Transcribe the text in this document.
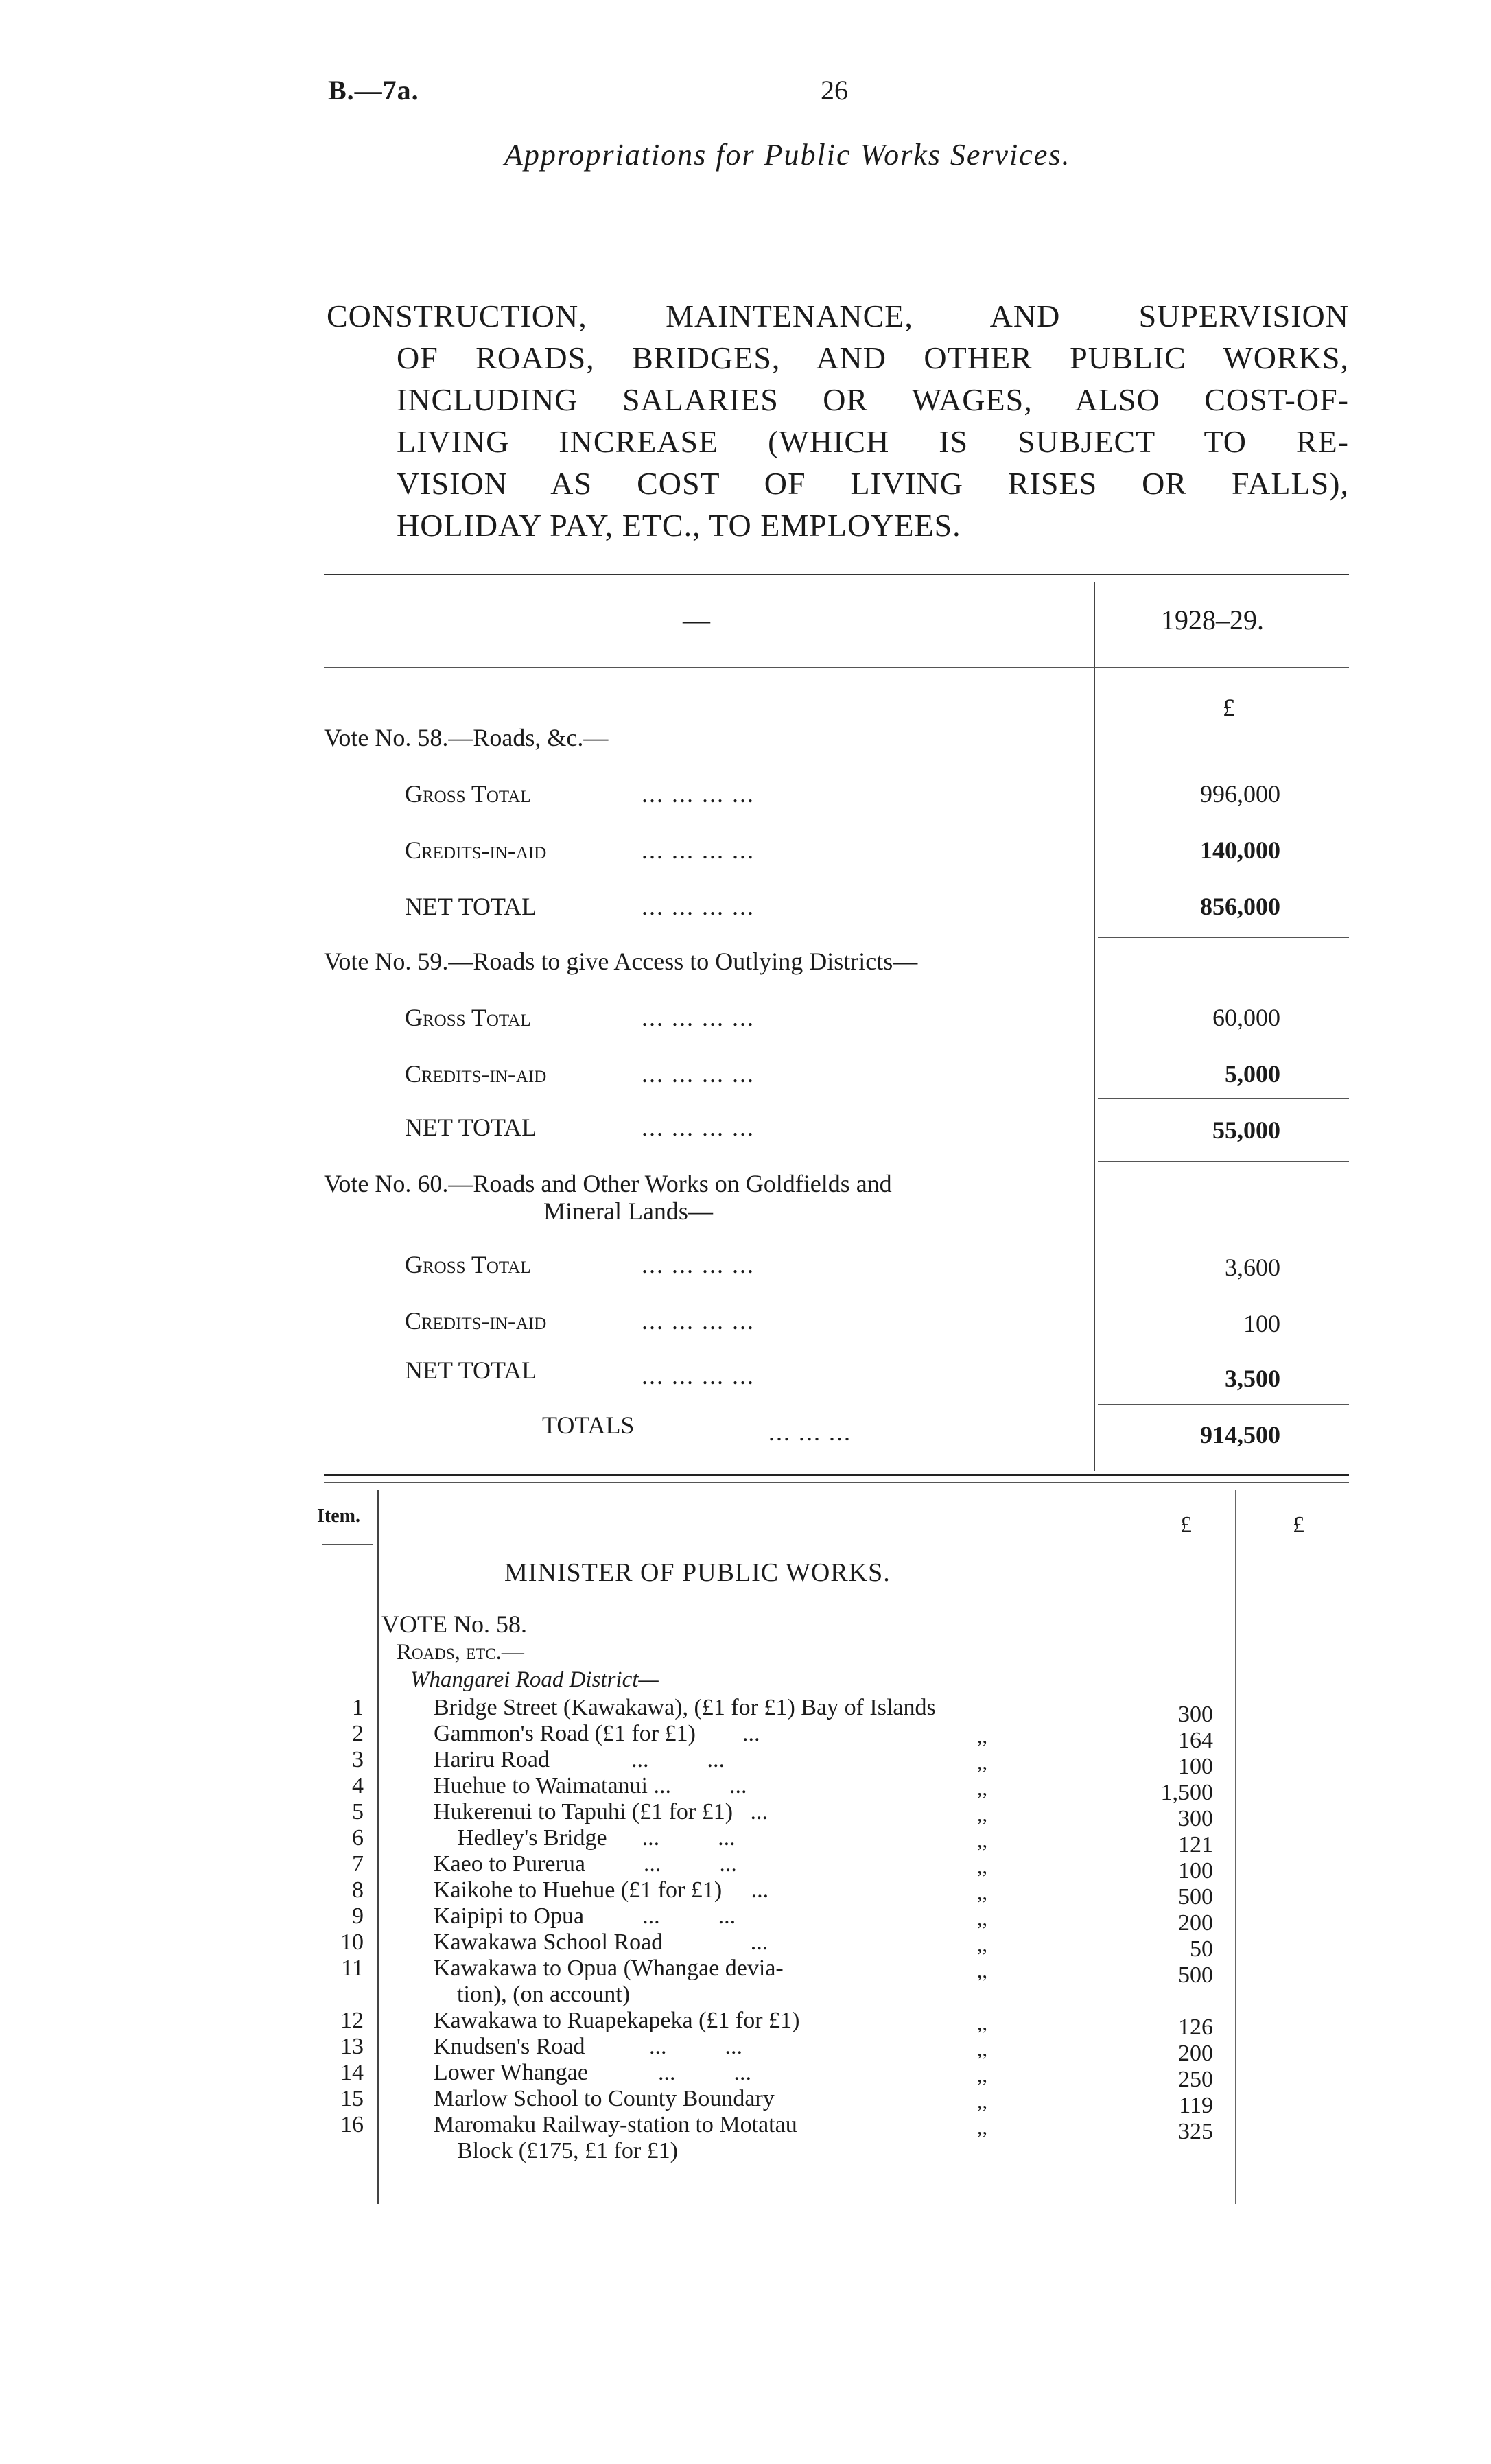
B.—7a.	26
Appropriations for Public Works Services.
CONSTRUCTION, MAINTENANCE, AND SUPERVISION
OF ROADS, BRIDGES, AND OTHER PUBLIC WORKS,
INCLUDING SALARIES OR WAGES, ALSO COST-OF-
LIVING INCREASE (WHICH IS SUBJECT TO RE-
VISION AS COST OF LIVING RISES OR FALLS),
HOLIDAY PAY, ETC., TO EMPLOYEES.
—	1928–29.
£
Vote No. 58.—Roads, &c.—
Gross Total	... ... ... ...	996,000
Credits-in-aid	... ... ... ...	140,000
NET TOTAL	... ... ... ...	856,000
Vote No. 59.—Roads to give Access to Outlying Districts—
Gross Total	... ... ... ...	60,000
Credits-in-aid	... ... ... ...	5,000
NET TOTAL	... ... ... ...	55,000
Vote No. 60.—Roads and Other Works on Goldfields and
Mineral Lands—
Gross Total	... ... ... ...	3,600
Credits-in-aid	... ... ... ...	100
NET TOTAL	... ... ... ...	3,500
TOTALS	... ... ...	914,500
Item.	£	£
MINISTER OF PUBLIC WORKS.
VOTE No. 58.
Roads, etc.—
Whangarei Road District—
1	Bridge Street (Kawakawa), (£1 for £1) Bay of Islands	300
2	Gammon's Road (£1 for £1)        ...	,,	164
3	Hariru Road              ...          ...	,,	100
4	Huehue to Waimatanui ...          ...	,,	1,500
5	Hukerenui to Tapuhi (£1 for £1)   ...	,,	300
6	Hedley's Bridge      ...          ...	,,	121
7	Kaeo to Purerua          ...          ...	,,	100
8	Kaikohe to Huehue (£1 for £1)     ...	,,	500
9	Kaipipi to Opua          ...          ...	,,	200
10	Kawakawa School Road               ...	,,	50
11	Kawakawa to Opua (Whangae devia-	,,	500
tion), (on account)
12	Kawakawa to Ruapekapeka (£1 for £1)	,,	126
13	Knudsen's Road           ...          ...	,,	200
14	Lower Whangae            ...          ...	,,	250
15	Marlow School to County Boundary	,,	119
16	Maromaku Railway-station to Motatau	,,	325
Block (£175, £1 for £1)
